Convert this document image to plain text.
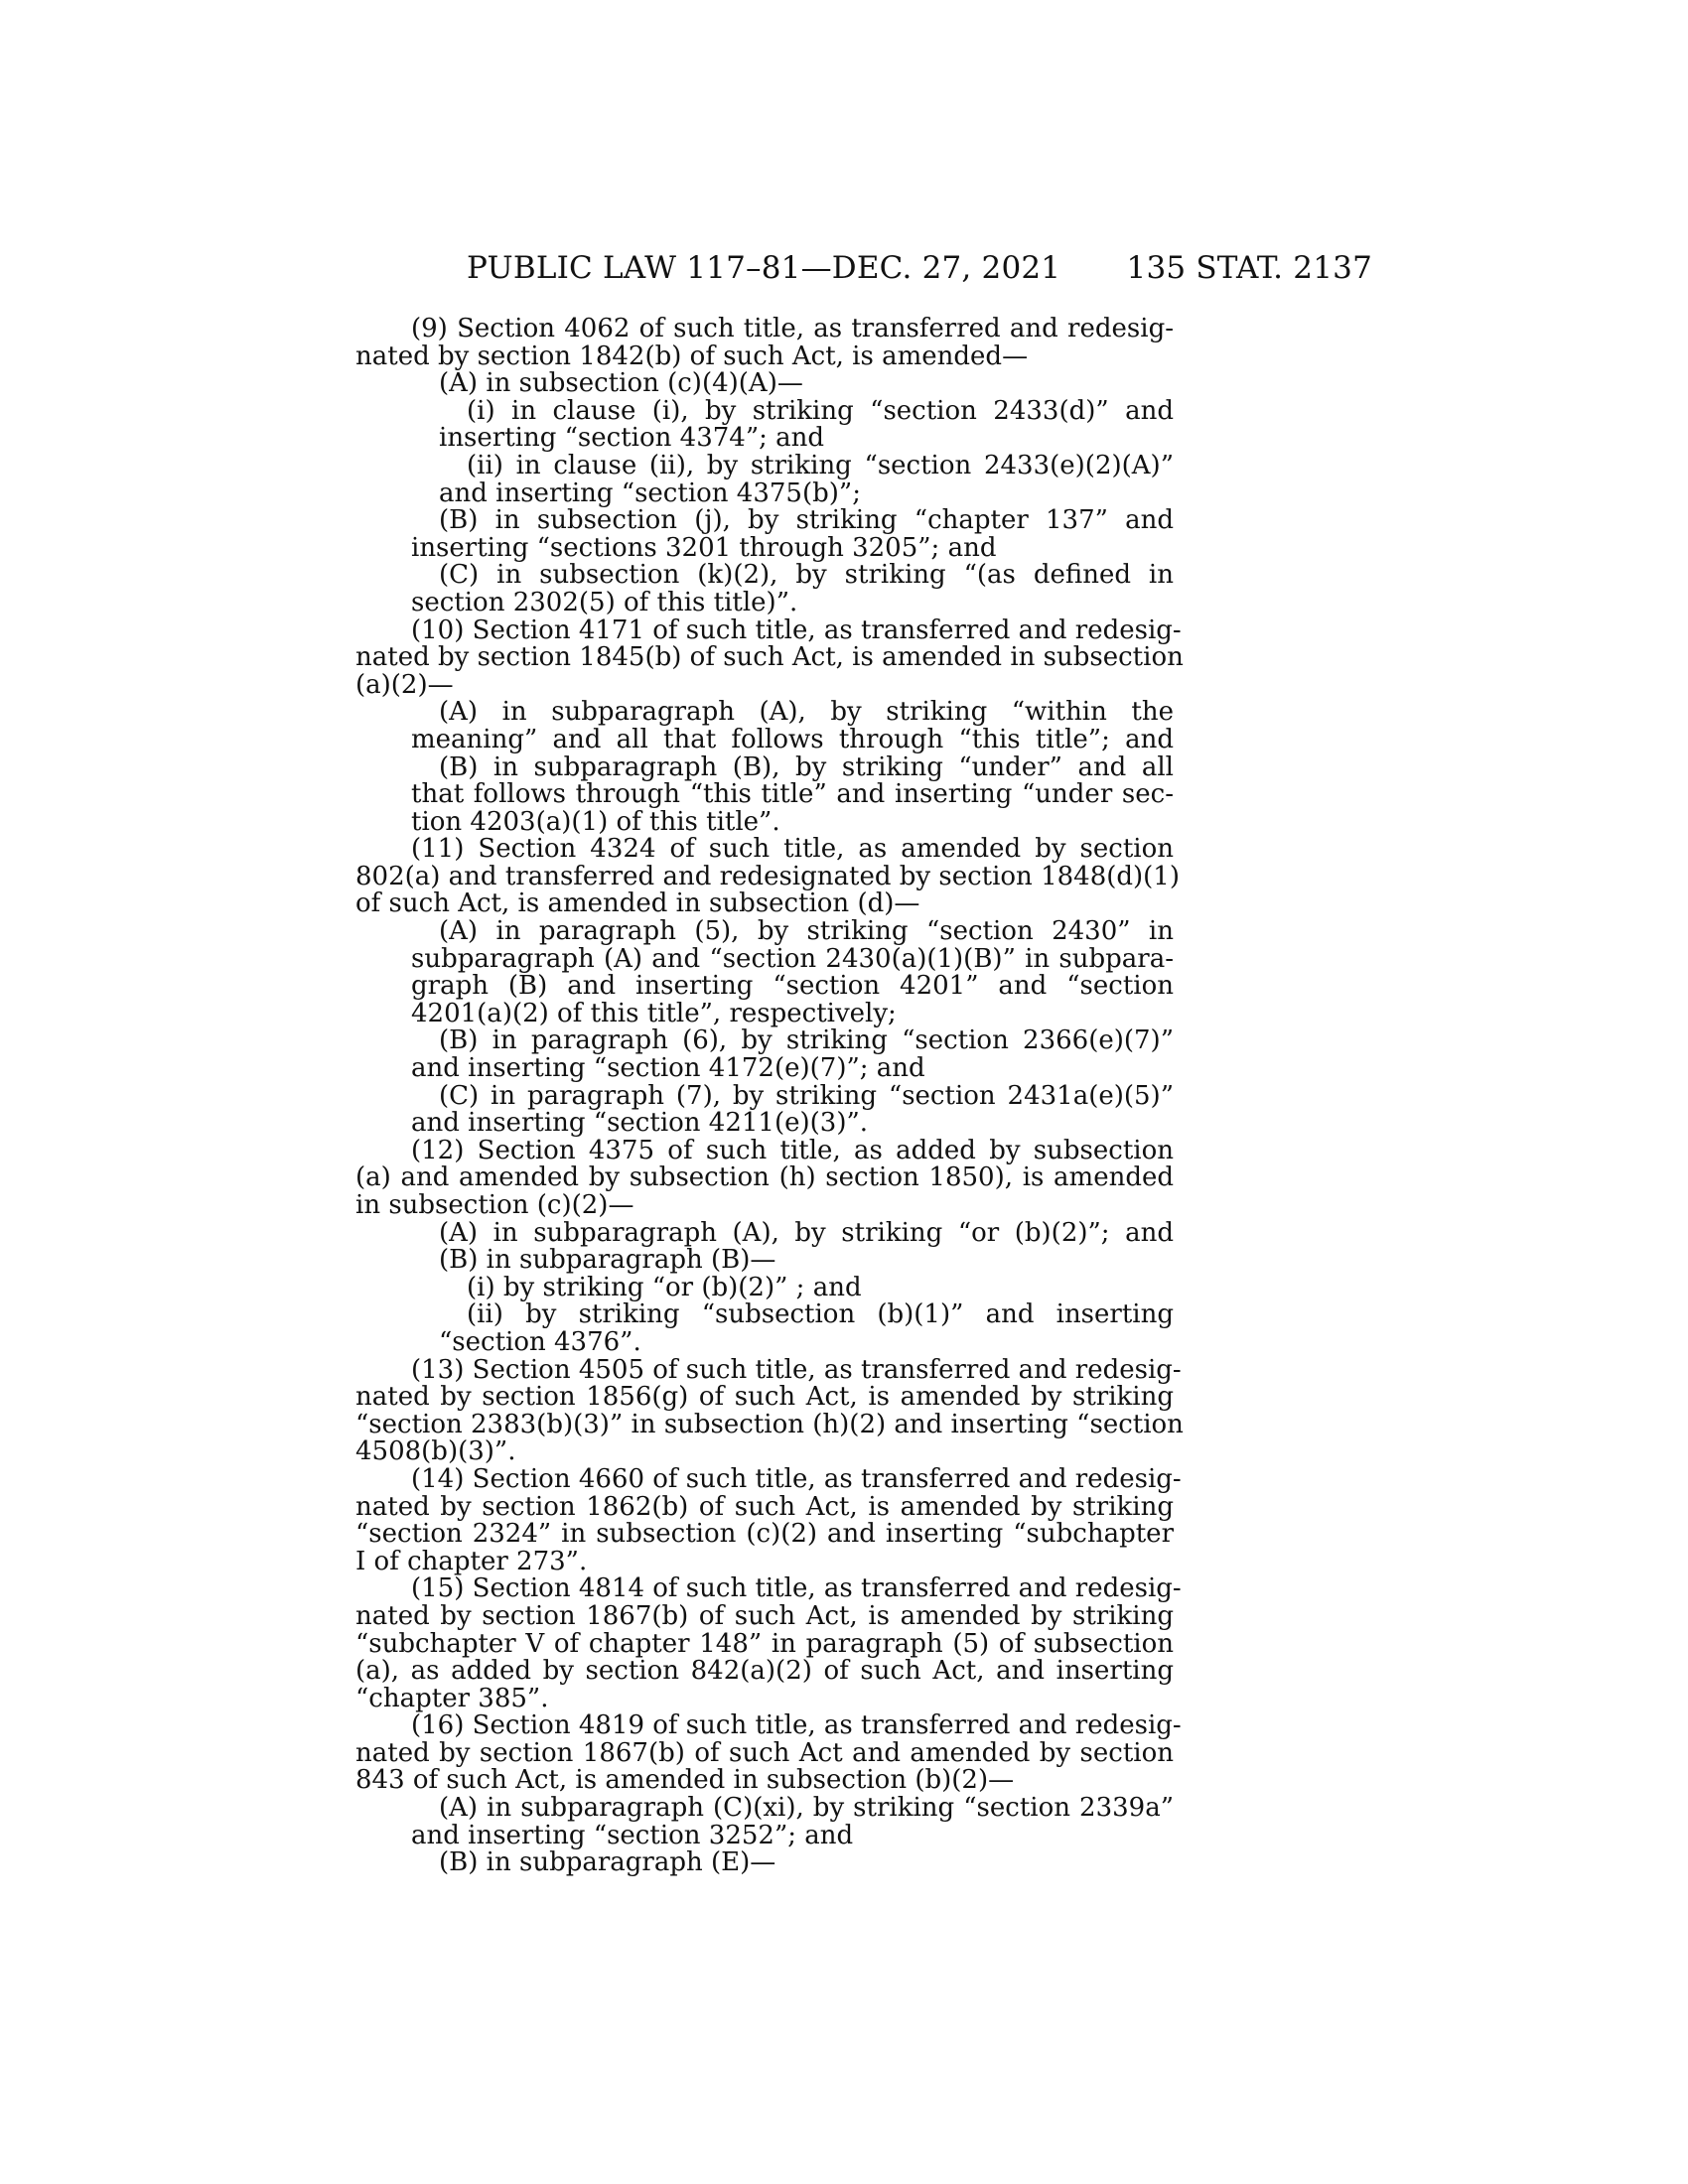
PUBLIC LAW 117–81—DEC. 27, 2021 135 STAT. 2137
(9) Section 4062 of such title, as transferred and redesig-
nated by section 1842(b) of such Act, is amended—
(A) in subsection (c)(4)(A)—
(i) in clause (i), by striking “section 2433(d)” and
inserting “section 4374”; and
(ii) in clause (ii), by striking “section 2433(e)(2)(A)”
and inserting “section 4375(b)”;
(B) in subsection (j), by striking “chapter 137” and
inserting “sections 3201 through 3205”; and
(C) in subsection (k)(2), by striking “(as defined in
section 2302(5) of this title)”.
(10) Section 4171 of such title, as transferred and redesig-
nated by section 1845(b) of such Act, is amended in subsection
(a)(2)—
(A) in subparagraph (A), by striking “within the
meaning” and all that follows through “this title”; and
(B) in subparagraph (B), by striking “under” and all
that follows through “this title” and inserting “under sec-
tion 4203(a)(1) of this title”.
(11) Section 4324 of such title, as amended by section
802(a) and transferred and redesignated by section 1848(d)(1)
of such Act, is amended in subsection (d)—
(A) in paragraph (5), by striking “section 2430” in
subparagraph (A) and “section 2430(a)(1)(B)” in subpara-
graph (B) and inserting “section 4201” and “section
4201(a)(2) of this title”, respectively;
(B) in paragraph (6), by striking “section 2366(e)(7)”
and inserting “section 4172(e)(7)”; and
(C) in paragraph (7), by striking “section 2431a(e)(5)”
and inserting “section 4211(e)(3)”.
(12) Section 4375 of such title, as added by subsection
(a) and amended by subsection (h) section 1850), is amended
in subsection (c)(2)—
(A) in subparagraph (A), by striking “or (b)(2)”; and
(B) in subparagraph (B)—
(i) by striking “or (b)(2)” ; and
(ii) by striking “subsection (b)(1)” and inserting
“section 4376”.
(13) Section 4505 of such title, as transferred and redesig-
nated by section 1856(g) of such Act, is amended by striking
“section 2383(b)(3)” in subsection (h)(2) and inserting “section
4508(b)(3)”.
(14) Section 4660 of such title, as transferred and redesig-
nated by section 1862(b) of such Act, is amended by striking
“section 2324” in subsection (c)(2) and inserting “subchapter
I of chapter 273”.
(15) Section 4814 of such title, as transferred and redesig-
nated by section 1867(b) of such Act, is amended by striking
“subchapter V of chapter 148” in paragraph (5) of subsection
(a), as added by section 842(a)(2) of such Act, and inserting
“chapter 385”.
(16) Section 4819 of such title, as transferred and redesig-
nated by section 1867(b) of such Act and amended by section
843 of such Act, is amended in subsection (b)(2)—
(A) in subparagraph (C)(xi), by striking “section 2339a”
and inserting “section 3252”; and
(B) in subparagraph (E)—
